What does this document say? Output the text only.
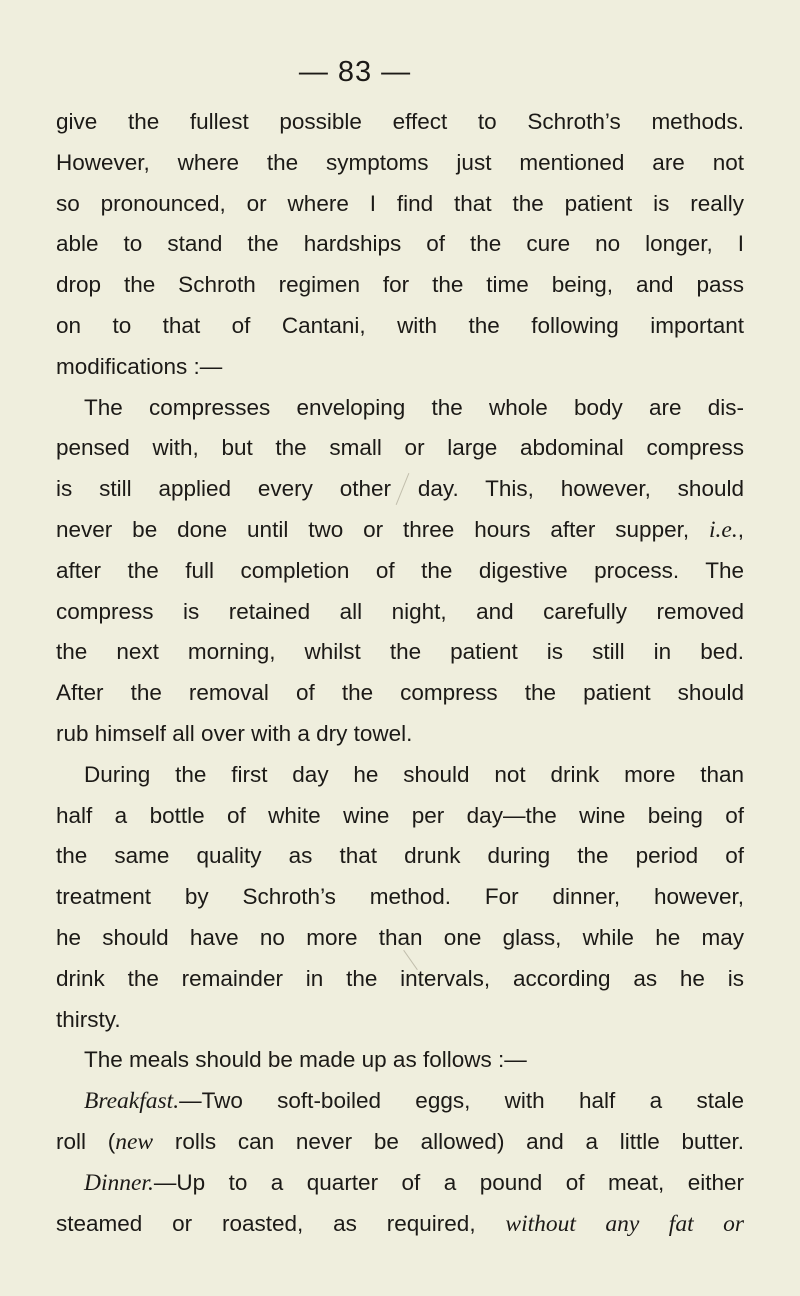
— 83 —
give the fullest possible effect to Schroth’s methods.
However, where the symptoms just mentioned are not
so pronounced, or where I find that the patient is really
able to stand the hardships of the cure no longer, I
drop the Schroth regimen for the time being, and pass
on to that of Cantani, with the following important
modifications :—
The compresses enveloping the whole body are dis-
pensed with, but the small or large abdominal compress
is still applied every other day. This, however, should
never be done until two or three hours after supper, i.e.,
after the full completion of the digestive process. The
compress is retained all night, and carefully removed
the next morning, whilst the patient is still in bed.
After the removal of the compress the patient should
rub himself all over with a dry towel.
During the first day he should not drink more than
half a bottle of white wine per day—the wine being of
the same quality as that drunk during the period of
treatment by Schroth’s method. For dinner, however,
he should have no more than one glass, while he may
drink the remainder in the intervals, according as he is
thirsty.
The meals should be made up as follows :—
Breakfast.—Two soft-boiled eggs, with half a stale
roll (new rolls can never be allowed) and a little butter.
Dinner.—Up to a quarter of a pound of meat, either
steamed or roasted, as required, without any fat or
